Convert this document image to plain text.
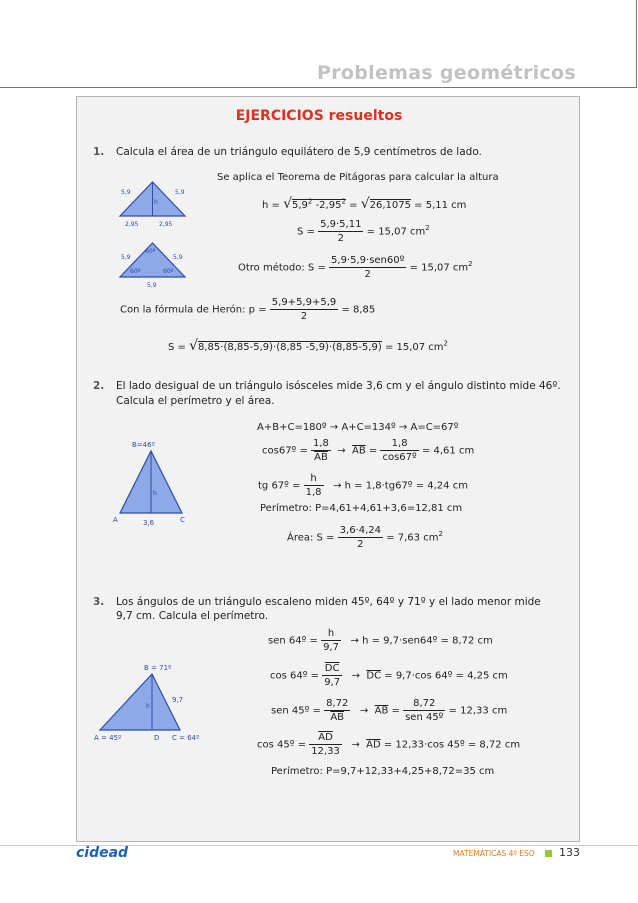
Problemas geométricos
EJERCICIOS resueltos
1. Calcula el área de un triángulo equilátero de 5,9 centímetros de lado.
5,9	5,9
h
2,95	2,95
60º
5,9	5,9
60º	60º
5,9
Se aplica el Teorema de Pitágoras para calcular la altura
$h = √5,9^2$ $-2,95^2 = √26,1075 = 5,11$ cm
$S = \frac{5,9\cdot 5,11}{2} = 15,07$ $cm^2$
Otro método: $S = \frac{\text{5,9·5,9·sen60º}}{2} = 15,07$ $cm^2$
Con la fórmula de Herón: $p = \frac{5,9+5,9+5,9}{2} = 8,85$
S = √8,85·(8,85-5,9)·(8,85 -5,9)·(8,85-5,9) = 15,07 $cm^2$
2. El lado desigual de un triángulo isósceles mide 3,6 cm y el ángulo distinto mide 46º.
Calcula el perímetro y el área.
B=46º
A	C
h
3,6
A+B+C=180º → A+C=134º → A=C=67º
cos67º = $\frac{1,8}{AB} \to \overline{AB} = \frac{1,8}{\text{cos67º}} = 4,61$ cm
tg 67º = $\frac{h}{1,8} \to h$ = 1,8·tg67º = 4,24 cm
Perímetro: P=4,61+4,61+3,6=12,81 cm
Área: $S = \frac{3,6\cdot 4,24}{2} = 7,63$ $cm^2$
3. Los ángulos de un triángulo escaleno miden 45º, 64º y 71º y el lado menor mide
9,7 cm. Calcula el perímetro.
B = 71º
A = 45º	D C = 64º
9,7
h
sen 64º = $\frac{h}{9,7} \to h$ = 9,7·sen64º = 8,72 cm
cos 64º = $\frac{\overline{DC}}{9,7} \to \overline{DC} = 9,7\cdot\cos$ 64º = 4,25 cm
sen 45º = $\frac{8,72}{AB} \to \overline{AB} = \frac{8,72}{\text{sen 45º}} = 12,33$ cm
cos 45º = $\frac{\overline{AD}}{12,33} \to \overline{AD} = 12,33\cdot\cos$ 45º = 8,72 cm
Perímetro: P=9,7+12,33+4,25+8,72=35 cm
cidead	MATEMÁTICAS 4º ESO 133
